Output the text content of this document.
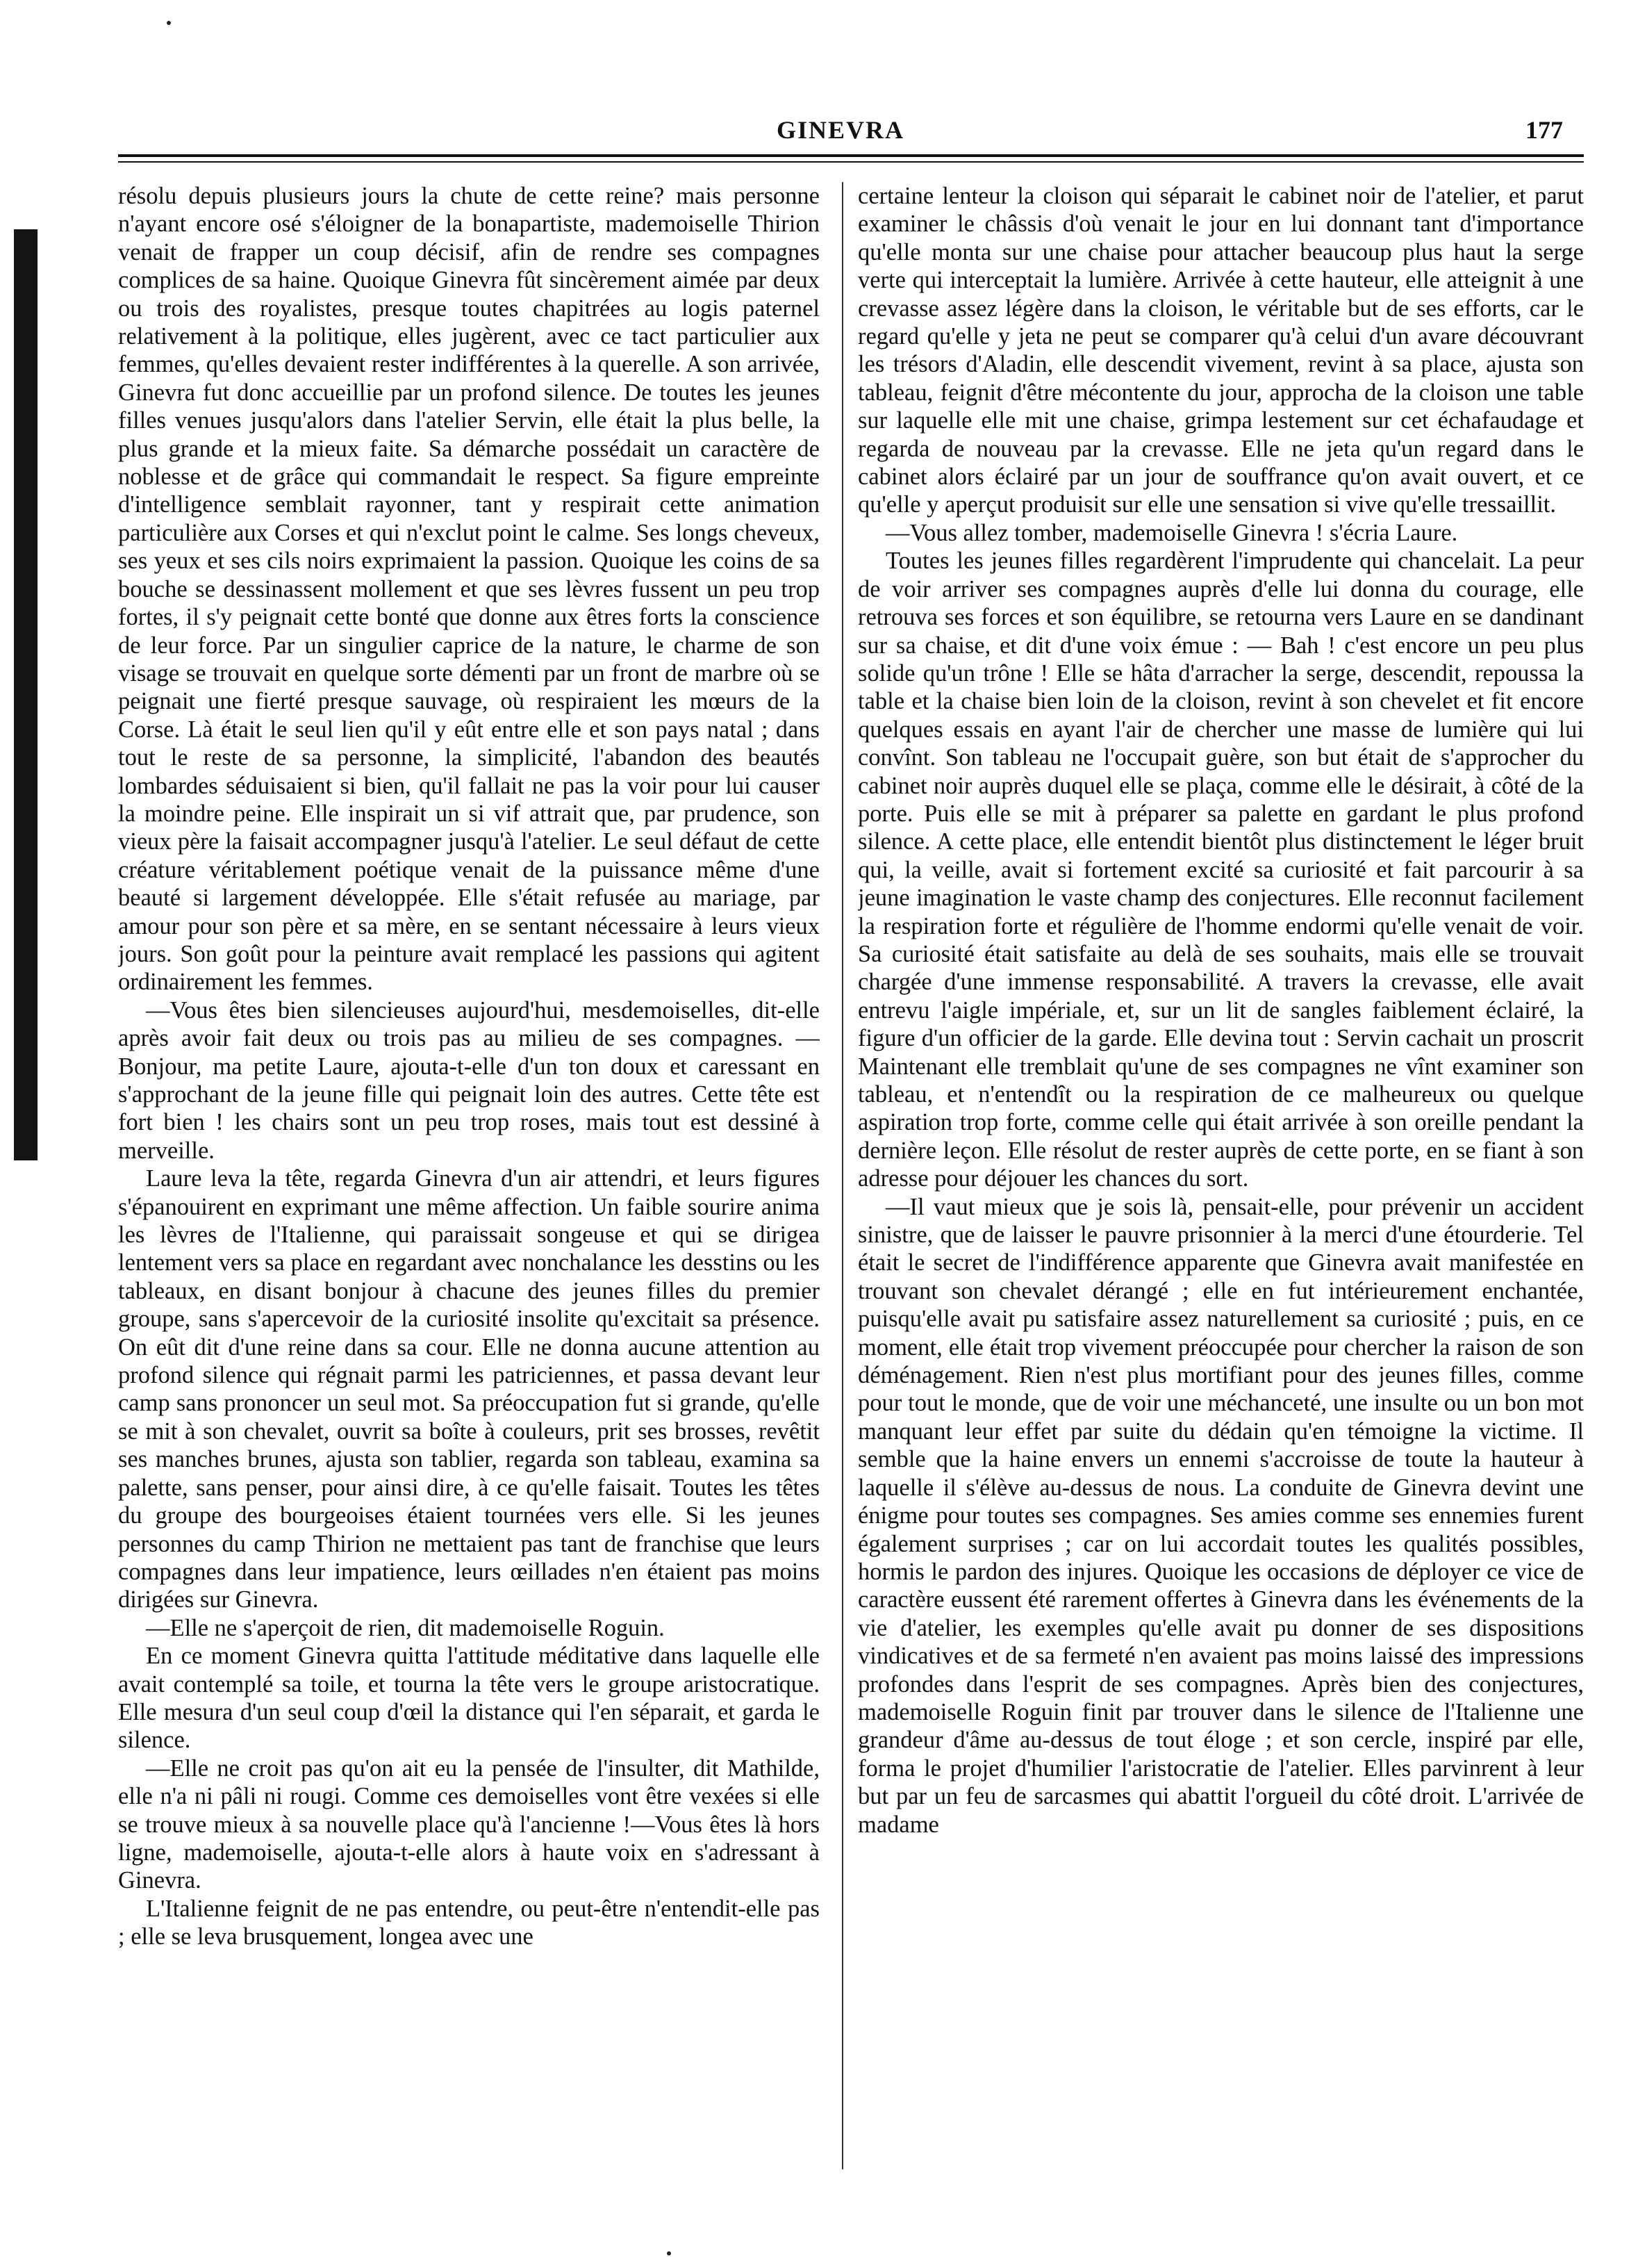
GINEVRA	177

résolu depuis plusieurs jours la chute de cette reine? mais personne n'ayant encore osé s'éloigner de la bonapartiste, mademoiselle Thirion venait de frapper un coup décisif, afin de rendre ses compagnes complices de sa haine. Quoique Ginevra fût sincèrement aimée par deux ou trois des royalistes, presque toutes chapitrées au logis paternel relativement à la politique, elles jugèrent, avec ce tact particulier aux femmes, qu'elles devaient rester indifférentes à la querelle. A son arrivée, Ginevra fut donc accueillie par un profond silence. De toutes les jeunes filles venues jusqu'alors dans l'atelier Servin, elle était la plus belle, la plus grande et la mieux faite. Sa démarche possédait un caractère de noblesse et de grâce qui commandait le respect. Sa figure empreinte d'intelligence semblait rayonner, tant y respirait cette animation particulière aux Corses et qui n'exclut point le calme. Ses longs cheveux, ses yeux et ses cils noirs exprimaient la passion. Quoique les coins de sa bouche se dessinassent mollement et que ses lèvres fussent un peu trop fortes, il s'y peignait cette bonté que donne aux êtres forts la conscience de leur force. Par un singulier caprice de la nature, le charme de son visage se trouvait en quelque sorte démenti par un front de marbre où se peignait une fierté presque sauvage, où respiraient les mœurs de la Corse. Là était le seul lien qu'il y eût entre elle et son pays natal ; dans tout le reste de sa personne, la simplicité, l'abandon des beautés lombardes séduisaient si bien, qu'il fallait ne pas la voir pour lui causer la moindre peine. Elle inspirait un si vif attrait que, par prudence, son vieux père la faisait accompagner jusqu'à l'atelier. Le seul défaut de cette créature véritablement poétique venait de la puissance même d'une beauté si largement développée. Elle s'était refusée au mariage, par amour pour son père et sa mère, en se sentant nécessaire à leurs vieux jours. Son goût pour la peinture avait remplacé les passions qui agitent ordinairement les femmes.

—Vous êtes bien silencieuses aujourd'hui, mesdemoiselles, dit-elle après avoir fait deux ou trois pas au milieu de ses compagnes. —Bonjour, ma petite Laure, ajouta-t-elle d'un ton doux et caressant en s'approchant de la jeune fille qui peignait loin des autres. Cette tête est fort bien ! les chairs sont un peu trop roses, mais tout est dessiné à merveille.

Laure leva la tête, regarda Ginevra d'un air attendri, et leurs figures s'épanouirent en exprimant une même affection. Un faible sourire anima les lèvres de l'Italienne, qui paraissait songeuse et qui se dirigea lentement vers sa place en regardant avec nonchalance les desstins ou les tableaux, en disant bonjour à chacune des jeunes filles du premier groupe, sans s'apercevoir de la curiosité insolite qu'excitait sa présence. On eût dit d'une reine dans sa cour. Elle ne donna aucune attention au profond silence qui régnait parmi les patriciennes, et passa devant leur camp sans prononcer un seul mot. Sa préoccupation fut si grande, qu'elle se mit à son chevalet, ouvrit sa boîte à couleurs, prit ses brosses, revêtit ses manches brunes, ajusta son tablier, regarda son tableau, examina sa palette, sans penser, pour ainsi dire, à ce qu'elle faisait. Toutes les têtes du groupe des bourgeoises étaient tournées vers elle. Si les jeunes personnes du camp Thirion ne mettaient pas tant de franchise que leurs compagnes dans leur impatience, leurs œillades n'en étaient pas moins dirigées sur Ginevra.

—Elle ne s'aperçoit de rien, dit mademoiselle Roguin.

En ce moment Ginevra quitta l'attitude méditative dans laquelle elle avait contemplé sa toile, et tourna la tête vers le groupe aristocratique. Elle mesura d'un seul coup d'œil la distance qui l'en séparait, et garda le silence.

—Elle ne croit pas qu'on ait eu la pensée de l'insulter, dit Mathilde, elle n'a ni pâli ni rougi. Comme ces demoiselles vont être vexées si elle se trouve mieux à sa nouvelle place qu'à l'ancienne !—Vous êtes là hors ligne, mademoiselle, ajouta-t-elle alors à haute voix en s'adressant à Ginevra.

L'Italienne feignit de ne pas entendre, ou peut-être n'entendit-elle pas ; elle se leva brusquement, longea avec une

certaine lenteur la cloison qui séparait le cabinet noir de l'atelier, et parut examiner le châssis d'où venait le jour en lui donnant tant d'importance qu'elle monta sur une chaise pour attacher beaucoup plus haut la serge verte qui interceptait la lumière. Arrivée à cette hauteur, elle atteignit à une crevasse assez légère dans la cloison, le véritable but de ses efforts, car le regard qu'elle y jeta ne peut se comparer qu'à celui d'un avare découvrant les trésors d'Aladin, elle descendit vivement, revint à sa place, ajusta son tableau, feignit d'être mécontente du jour, approcha de la cloison une table sur laquelle elle mit une chaise, grimpa lestement sur cet échafaudage et regarda de nouveau par la crevasse. Elle ne jeta qu'un regard dans le cabinet alors éclairé par un jour de souffrance qu'on avait ouvert, et ce qu'elle y aperçut produisit sur elle une sensation si vive qu'elle tressaillit.

—Vous allez tomber, mademoiselle Ginevra ! s'écria Laure.

Toutes les jeunes filles regardèrent l'imprudente qui chancelait. La peur de voir arriver ses compagnes auprès d'elle lui donna du courage, elle retrouva ses forces et son équilibre, se retourna vers Laure en se dandinant sur sa chaise, et dit d'une voix émue : — Bah ! c'est encore un peu plus solide qu'un trône ! Elle se hâta d'arracher la serge, descendit, repoussa la table et la chaise bien loin de la cloison, revint à son chevelet et fit encore quelques essais en ayant l'air de chercher une masse de lumière qui lui convînt. Son tableau ne l'occupait guère, son but était de s'approcher du cabinet noir auprès duquel elle se plaça, comme elle le désirait, à côté de la porte. Puis elle se mit à préparer sa palette en gardant le plus profond silence. A cette place, elle entendit bientôt plus distinctement le léger bruit qui, la veille, avait si fortement excité sa curiosité et fait parcourir à sa jeune imagination le vaste champ des conjectures. Elle reconnut facilement la respiration forte et régulière de l'homme endormi qu'elle venait de voir. Sa curiosité était satisfaite au delà de ses souhaits, mais elle se trouvait chargée d'une immense responsabilité. A travers la crevasse, elle avait entrevu l'aigle impériale, et, sur un lit de sangles faiblement éclairé, la figure d'un officier de la garde. Elle devina tout : Servin cachait un proscrit Maintenant elle tremblait qu'une de ses compagnes ne vînt examiner son tableau, et n'entendît ou la respiration de ce malheureux ou quelque aspiration trop forte, comme celle qui était arrivée à son oreille pendant la dernière leçon. Elle résolut de rester auprès de cette porte, en se fiant à son adresse pour déjouer les chances du sort.

—Il vaut mieux que je sois là, pensait-elle, pour prévenir un accident sinistre, que de laisser le pauvre prisonnier à la merci d'une étourderie. Tel était le secret de l'indifférence apparente que Ginevra avait manifestée en trouvant son chevalet dérangé ; elle en fut intérieurement enchantée, puisqu'elle avait pu satisfaire assez naturellement sa curiosité ; puis, en ce moment, elle était trop vivement préoccupée pour chercher la raison de son déménagement. Rien n'est plus mortifiant pour des jeunes filles, comme pour tout le monde, que de voir une méchanceté, une insulte ou un bon mot manquant leur effet par suite du dédain qu'en témoigne la victime. Il semble que la haine envers un ennemi s'accroisse de toute la hauteur à laquelle il s'élève au-dessus de nous. La conduite de Ginevra devint une énigme pour toutes ses compagnes. Ses amies comme ses ennemies furent également surprises ; car on lui accordait toutes les qualités possibles, hormis le pardon des injures. Quoique les occasions de déployer ce vice de caractère eussent été rarement offertes à Ginevra dans les événements de la vie d'atelier, les exemples qu'elle avait pu donner de ses dispositions vindicatives et de sa fermeté n'en avaient pas moins laissé des impressions profondes dans l'esprit de ses compagnes. Après bien des conjectures, mademoiselle Roguin finit par trouver dans le silence de l'Italienne une grandeur d'âme au-dessus de tout éloge ; et son cercle, inspiré par elle, forma le projet d'humilier l'aristocratie de l'atelier. Elles parvinrent à leur but par un feu de sarcasmes qui abattit l'orgueil du côté droit. L'arrivée de madame
